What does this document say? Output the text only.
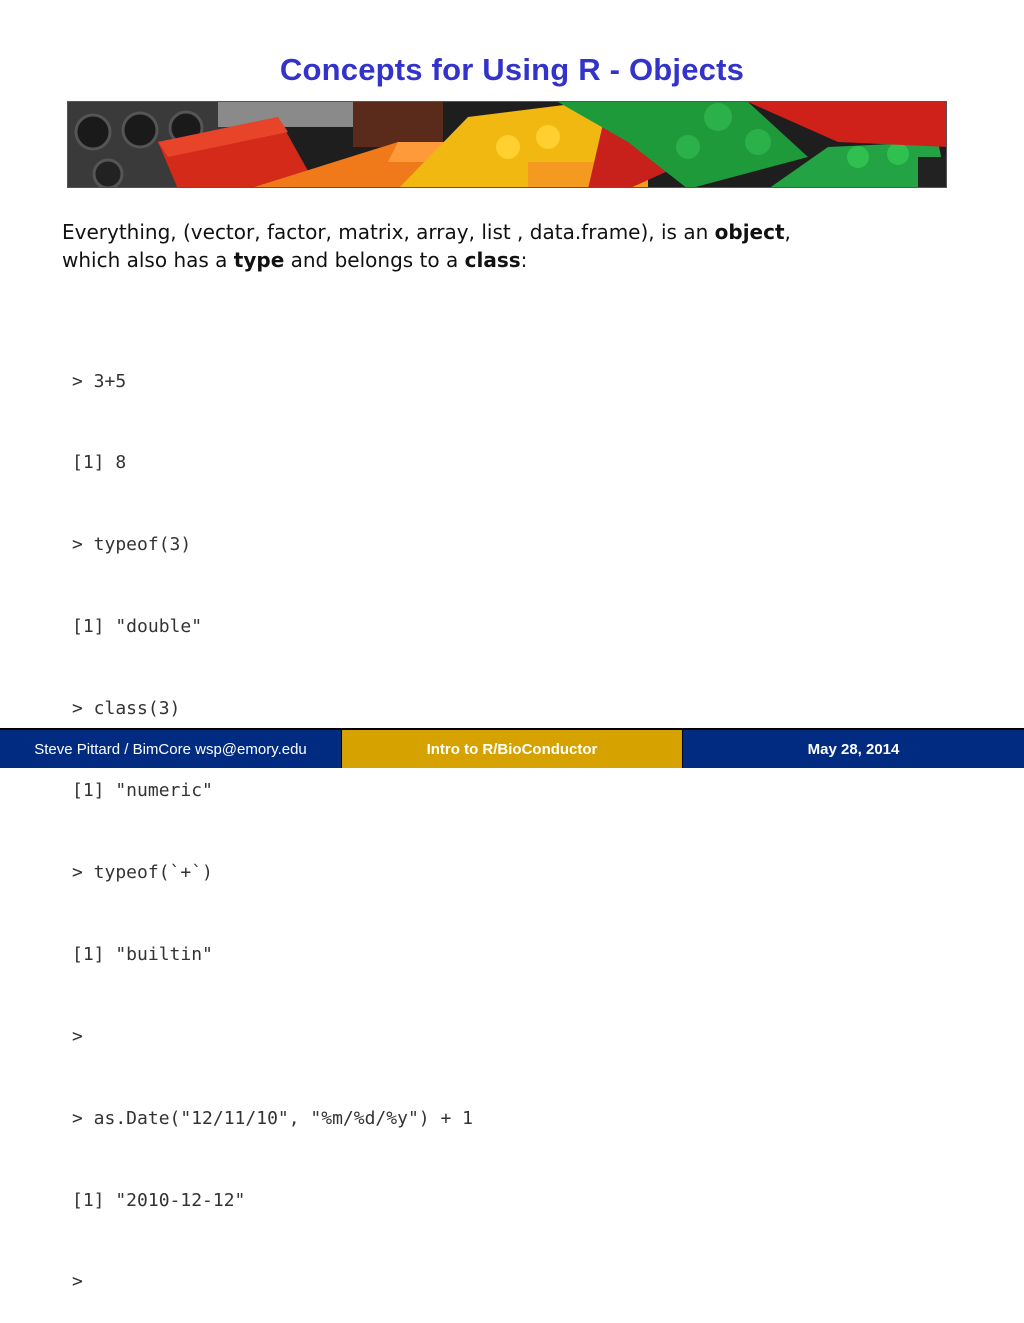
Concepts for Using R - Objects
Everything, (vector, factor, matrix, array, list , data.frame), is an object,
which also has a type and belongs to a class:

> 3+5

[1] 8

> typeof(3)

[1] "double"

> class(3)

[1] "numeric"

> typeof(`+`)

[1] "builtin"

>

> as.Date("12/11/10", "%m/%d/%y") + 1

[1] "2010-12-12"

>

Steve Pittard / BimCore wsp@emory.edu	Intro to R/BioConductor	May 28, 2014
